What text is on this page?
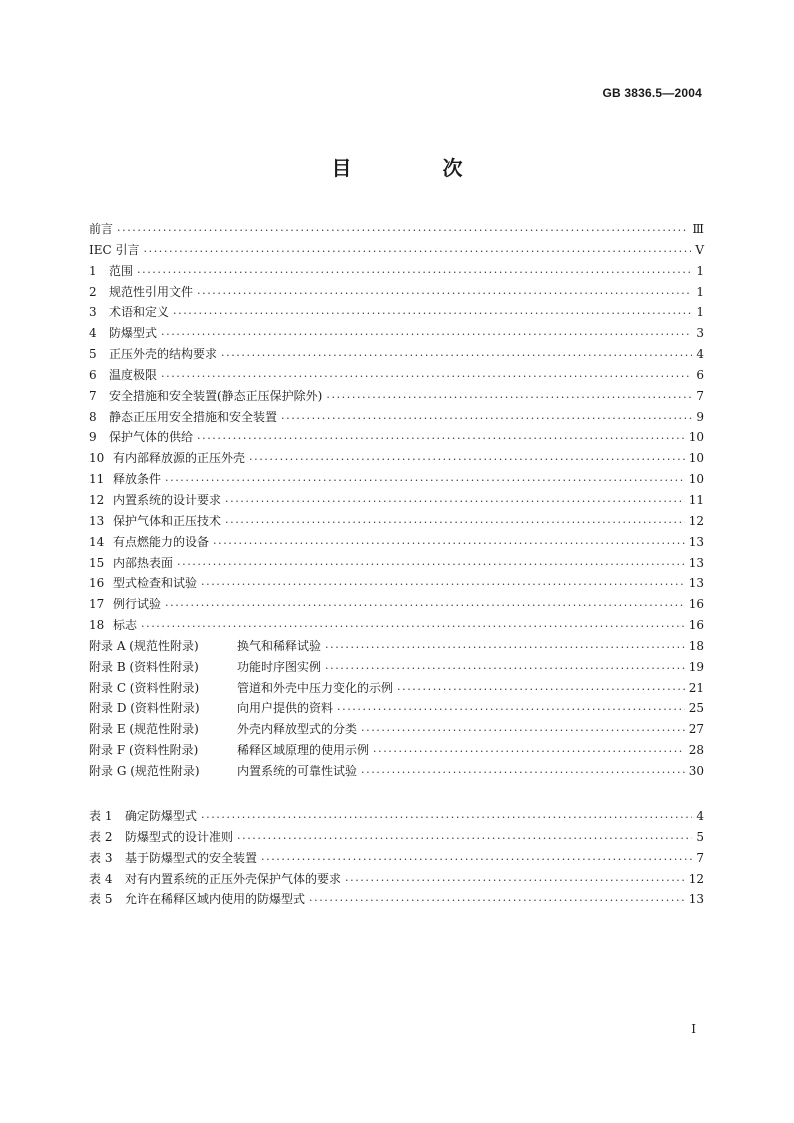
GB 3836.5—2004
目 次
前言 .....	Ⅲ
IEC 引言 .....	Ⅴ
1 范围 .....	1
2 规范性引用文件 .....	1
3 术语和定义 .....	1
4 防爆型式 .....	3
5 正压外壳的结构要求 .....	4
6 温度极限 .....	6
7 安全措施和安全装置(静态正压保护除外) .....	7
8 静态正压用安全措施和安全装置 .....	9
9 保护气体的供给 .....	10
10 有内部释放源的正压外壳 .....	10
11 释放条件 .....	10
12 内置系统的设计要求 .....	11
13 保护气体和正压技术 .....	12
14 有点燃能力的设备 .....	13
15 内部热表面 .....	13
16 型式检查和试验 .....	13
17 例行试验 .....	16
18 标志 .....	16
附录 A (规范性附录)	换气和稀释试验 .....	18
附录 B (资料性附录)	功能时序图实例 .....	19
附录 C (资料性附录)	管道和外壳中压力变化的示例 .....	21
附录 D (资料性附录)	向用户提供的资料 .....	25
附录 E (规范性附录)	外壳内释放型式的分类 .....	27
附录 F (资料性附录)	稀释区域原理的使用示例 .....	28
附录 G (规范性附录)	内置系统的可靠性试验 .....	30
表 1 确定防爆型式 .....	4
表 2 防爆型式的设计准则 .....	5
表 3 基于防爆型式的安全装置 .....	7
表 4 对有内置系统的正压外壳保护气体的要求 .....	12
表 5 允许在稀释区域内使用的防爆型式 .....	13
I
